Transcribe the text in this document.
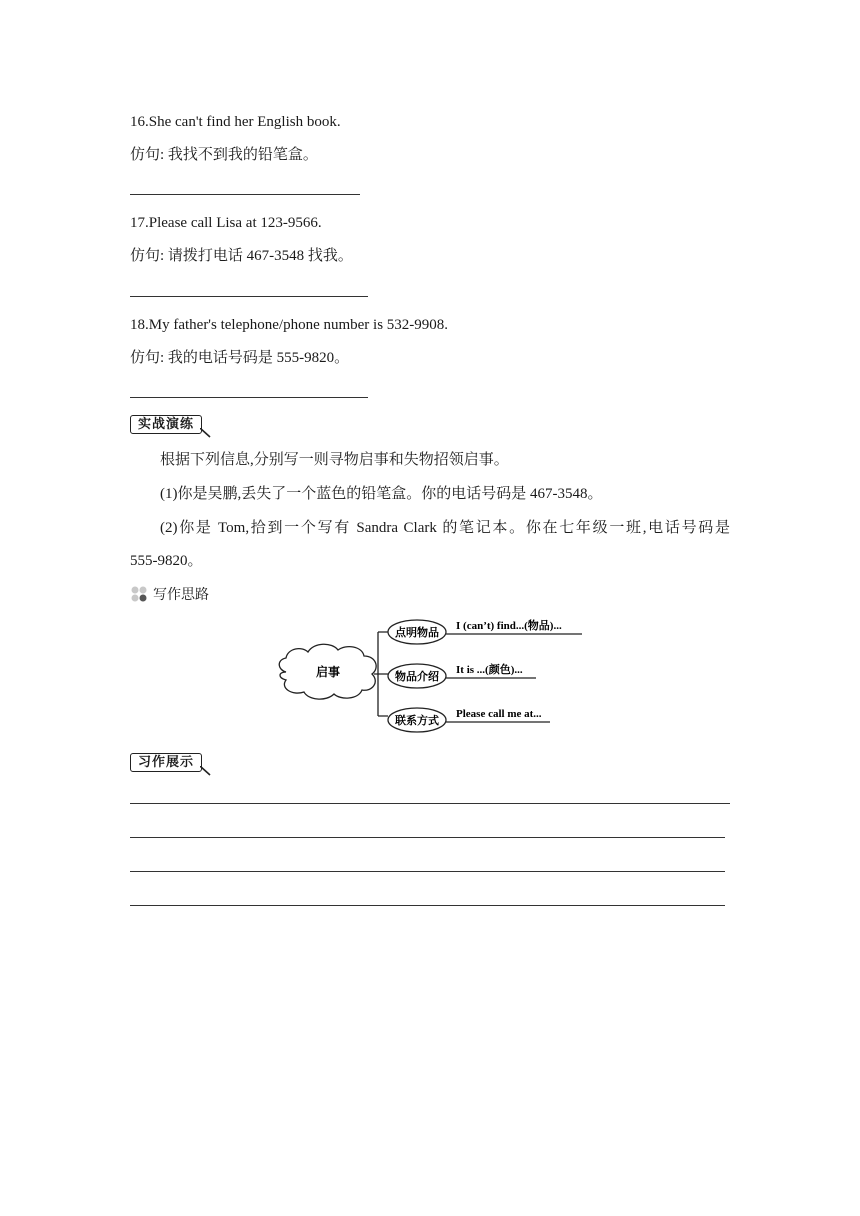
16.She can't find her English book.
仿句: 我找不到我的铅笔盒。
17.Please call Lisa at 123-9566.
仿句: 请拨打电话 467-3548 找我。
18.My father's telephone/phone number is 532-9908.
仿句: 我的电话号码是 555-9820。
实战演练
根据下列信息,分别写一则寻物启事和失物招领启事。
(1)你是吴鹏,丢失了一个蓝色的铅笔盒。你的电话号码是 467-3548。
(2)你是 Tom,拾到一个写有 Sandra Clark 的笔记本。你在七年级一班,电话号码是
555-9820。
写作思路
启事
点明物品 I (can’t) find...(物品)...
物品介绍 It is ...(颜色)...
联系方式 Please call me at...
习作展示
